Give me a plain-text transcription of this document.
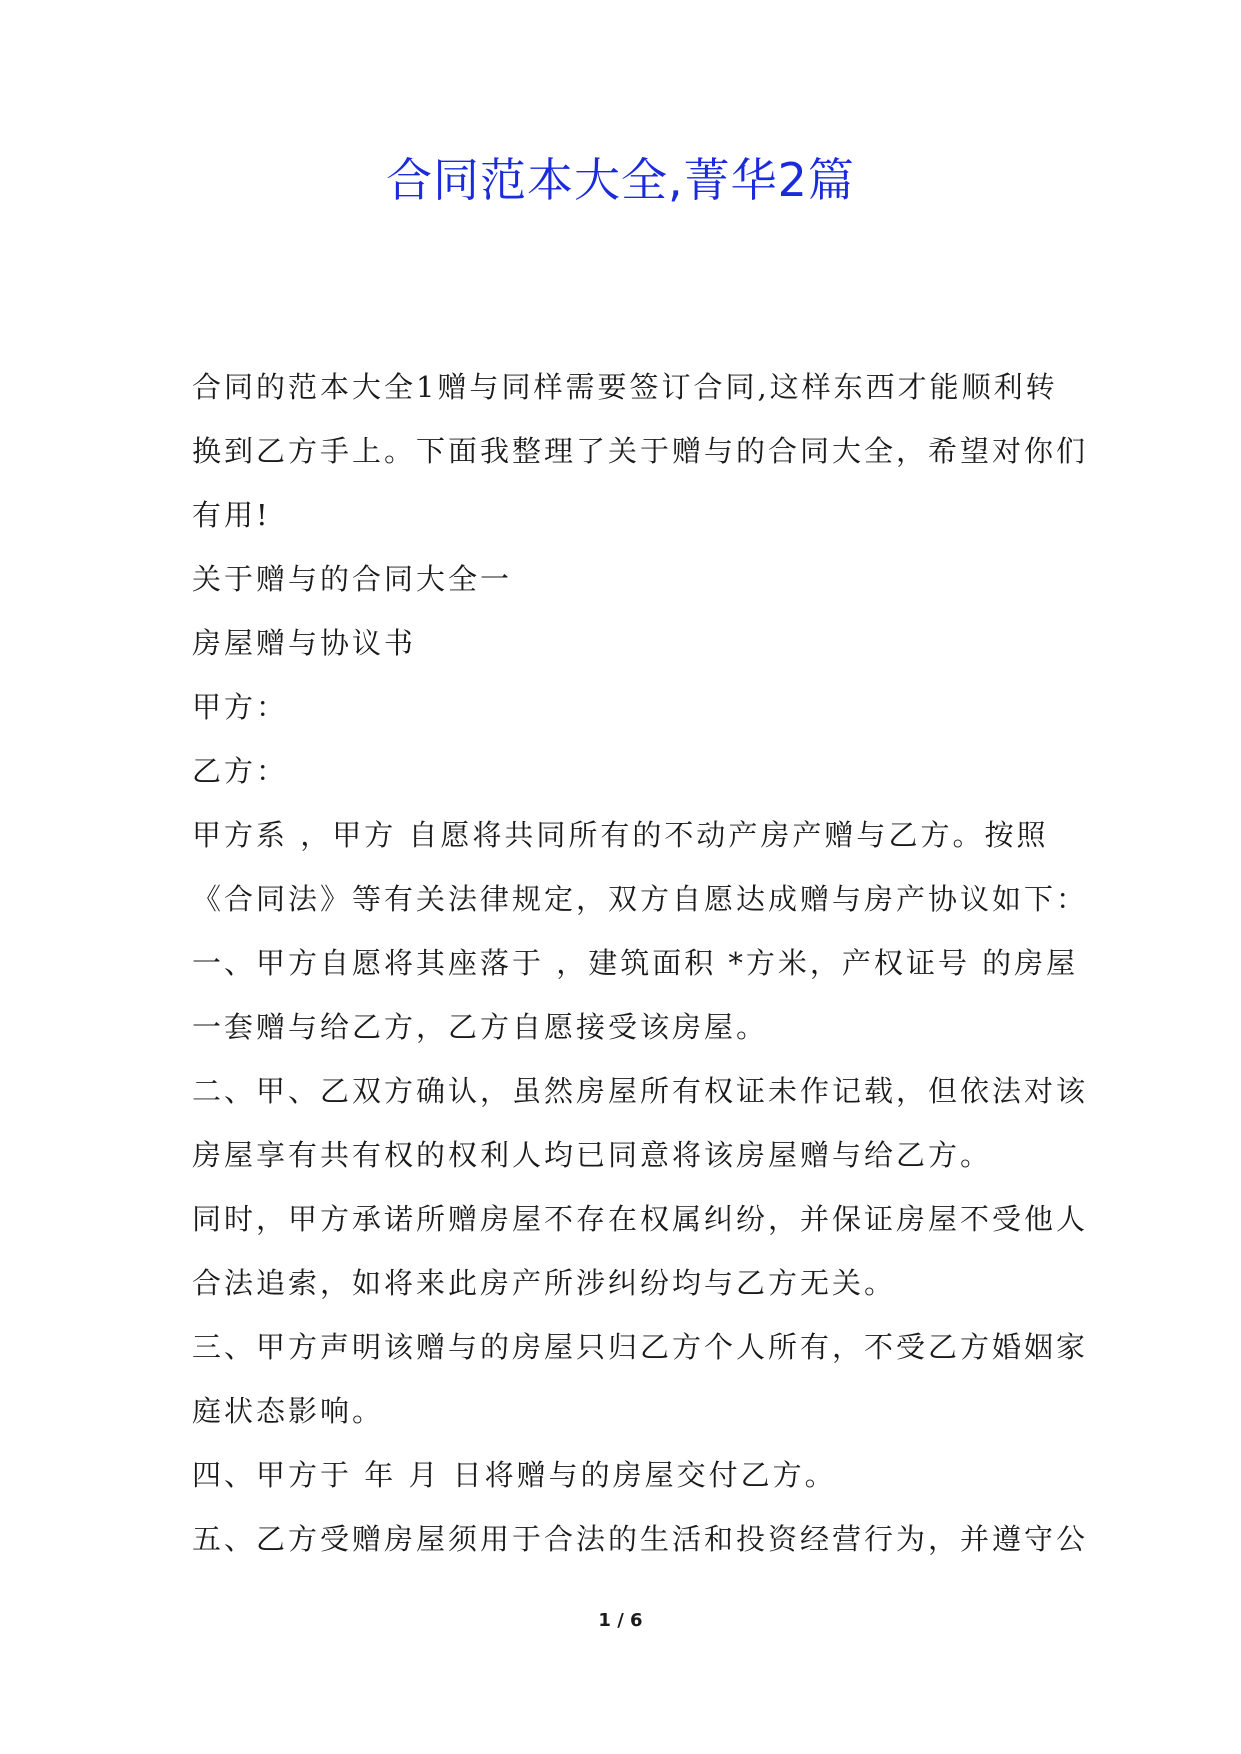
合同范本大全,菁华2篇

合同的范本大全1赠与同样需要签订合同,这样东西才能顺利转

换到乙方手上。下面我整理了关于赠与的合同大全，希望对你们

有用!

关于赠与的合同大全一

房屋赠与协议书

甲方：

乙方：

甲方系 ，甲方 自愿将共同所有的不动产房产赠与乙方。按照

《合同法》等有关法律规定，双方自愿达成赠与房产协议如下：

一、甲方自愿将其座落于 ，建筑面积 *方米，产权证号 的房屋

一套赠与给乙方，乙方自愿接受该房屋。

二、甲、乙双方确认，虽然房屋所有权证未作记载，但依法对该

房屋享有共有权的权利人均已同意将该房屋赠与给乙方。

同时，甲方承诺所赠房屋不存在权属纠纷，并保证房屋不受他人

合法追索，如将来此房产所涉纠纷均与乙方无关。

三、甲方声明该赠与的房屋只归乙方个人所有，不受乙方婚姻家

庭状态影响。

四、甲方于 年 月 日将赠与的房屋交付乙方。

五、乙方受赠房屋须用于合法的生活和投资经营行为，并遵守公

1 / 6
